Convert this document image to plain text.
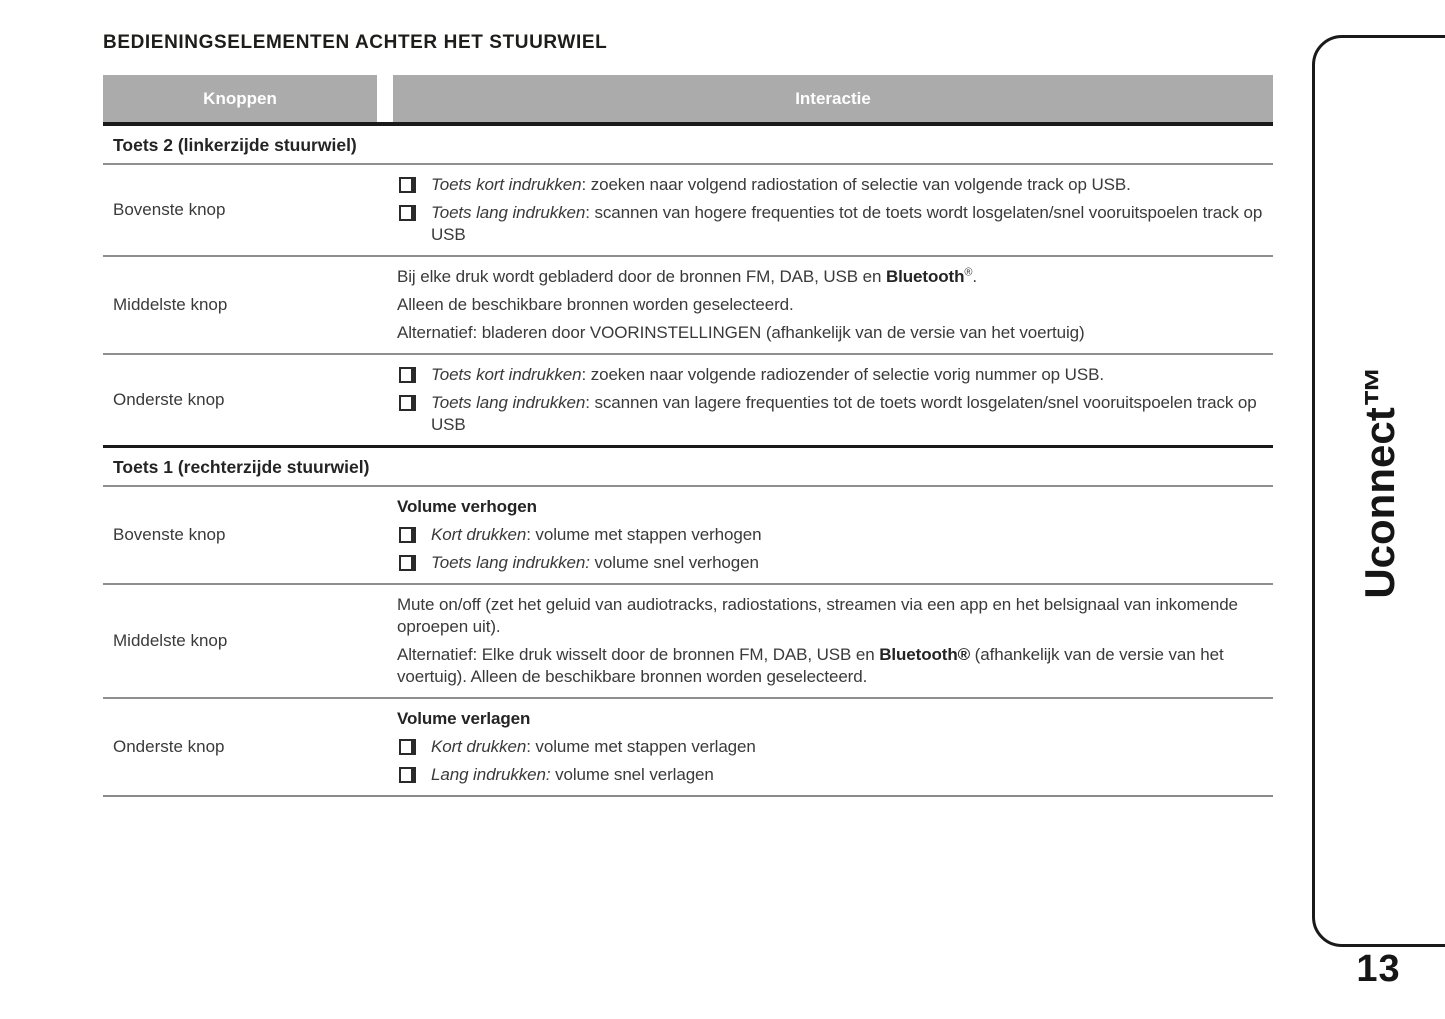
BEDIENINGSELEMENTEN ACHTER HET STUURWIEL
Knoppen	Interactie
Toets 2 (linkerzijde stuurwiel)
Bovenste knop
Toets kort indrukken: zoeken naar volgend radiostation of selectie van volgende track op USB.
Toets lang indrukken: scannen van hogere frequenties tot de toets wordt losgelaten/snel vooruitspoelen track op USB
Middelste knop
Bij elke druk wordt gebladerd door de bronnen FM, DAB, USB en Bluetooth®.
Alleen de beschikbare bronnen worden geselecteerd.
Alternatief: bladeren door VOORINSTELLINGEN (afhankelijk van de versie van het voertuig)
Onderste knop
Toets kort indrukken: zoeken naar volgende radiozender of selectie vorig nummer op USB.
Toets lang indrukken: scannen van lagere frequenties tot de toets wordt losgelaten/snel vooruitspoelen track op USB
Toets 1 (rechterzijde stuurwiel)
Bovenste knop
Volume verhogen
Kort drukken: volume met stappen verhogen
Toets lang indrukken: volume snel verhogen
Middelste knop
Mute on/off (zet het geluid van audiotracks, radiostations, streamen via een app en het belsignaal van inkomende oproepen uit).
Alternatief: Elke druk wisselt door de bronnen FM, DAB, USB en Bluetooth® (afhankelijk van de versie van het voertuig). Alleen de beschikbare bronnen worden geselecteerd.
Onderste knop
Volume verlagen
Kort drukken: volume met stappen verlagen
Lang indrukken: volume snel verlagen
Uconnect™
13
